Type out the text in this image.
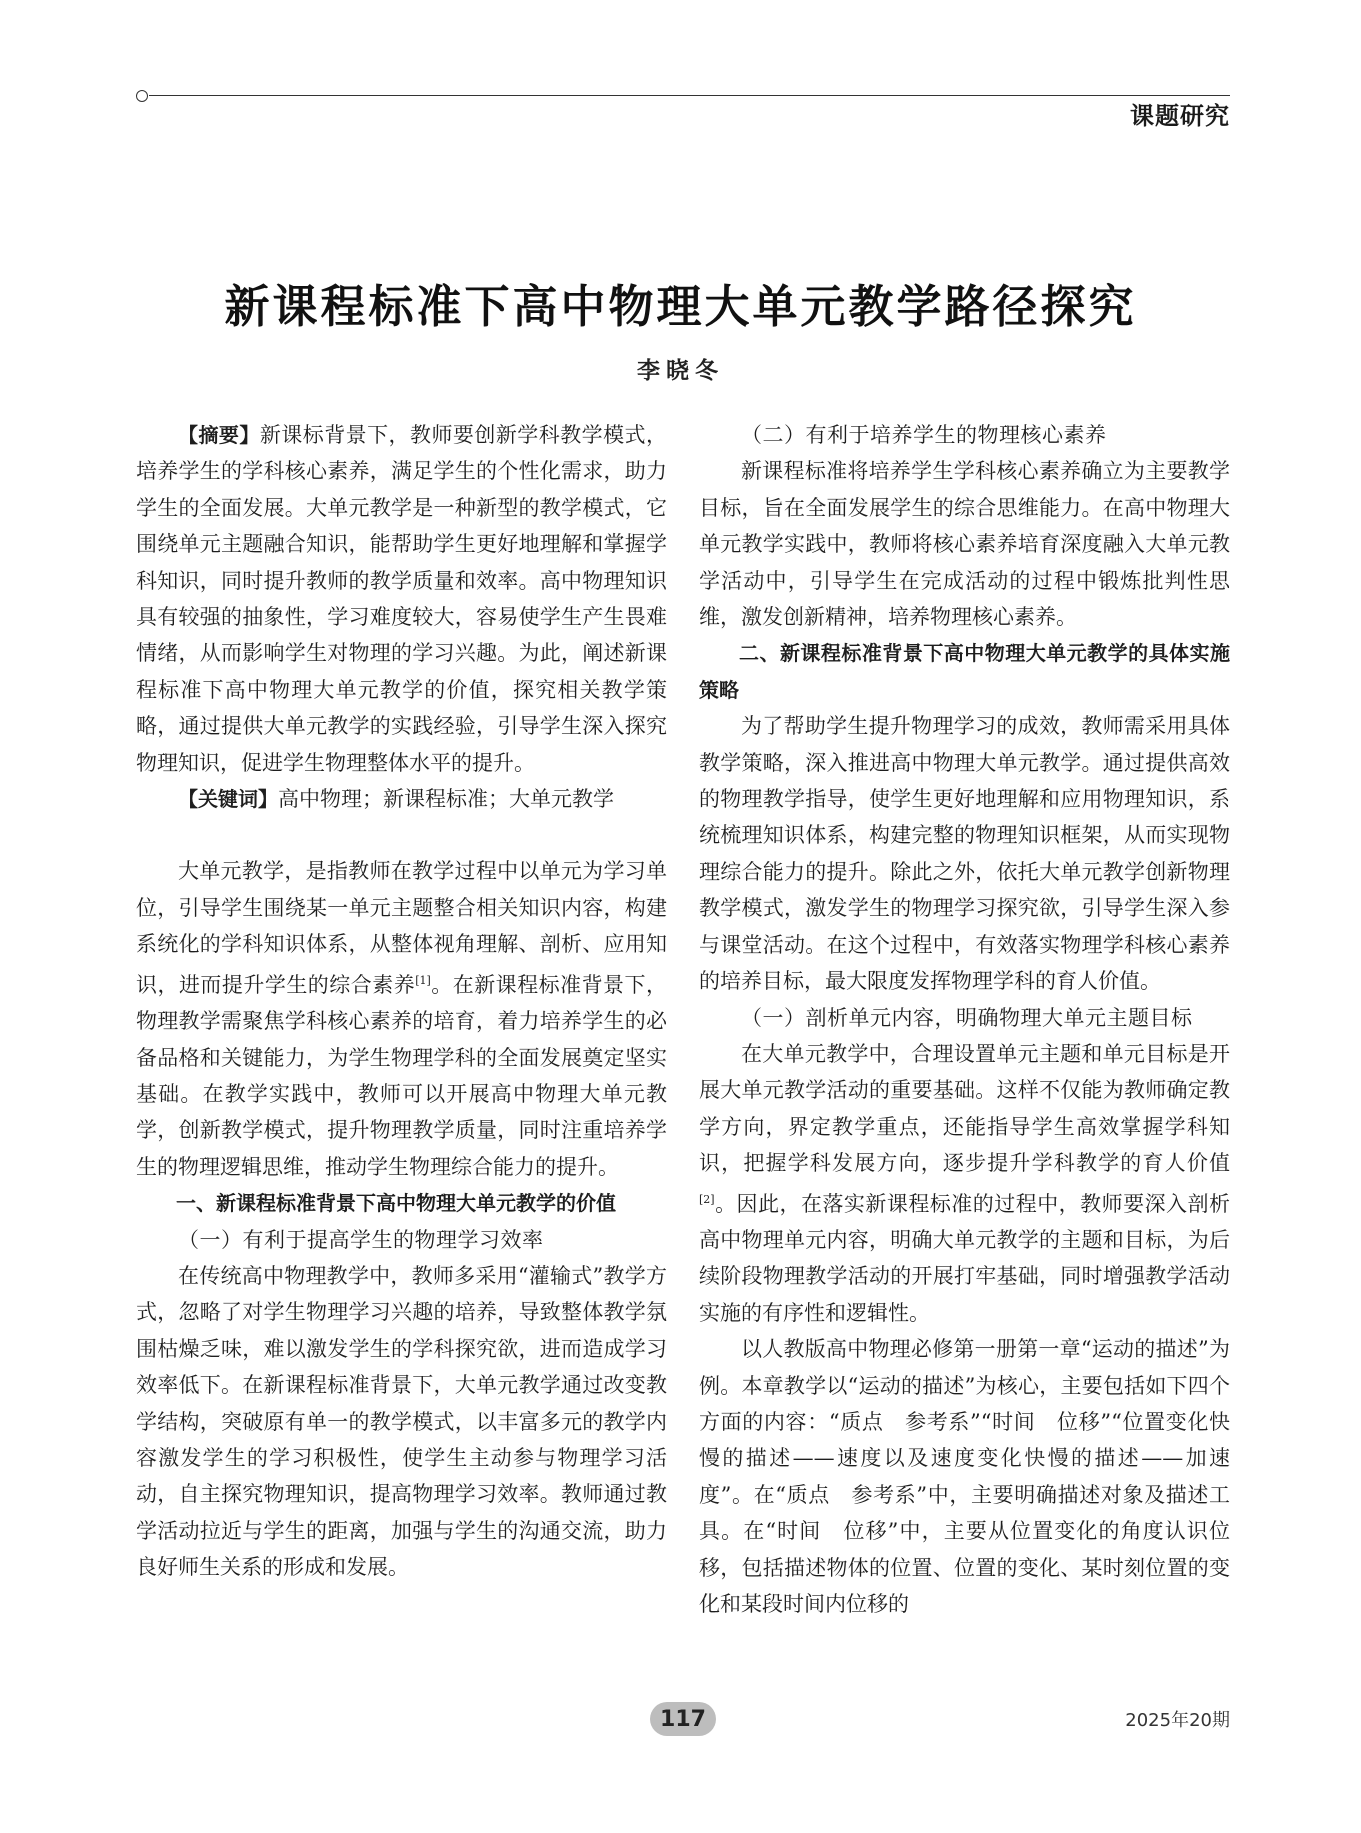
课题研究
新课程标准下高中物理大单元教学路径探究
李晓冬

【摘要】新课标背景下，教师要创新学科教学模式，培养学生的学科核心素养，满足学生的个性化需求，助力学生的全面发展。大单元教学是一种新型的教学模式，它围绕单元主题融合知识，能帮助学生更好地理解和掌握学科知识，同时提升教师的教学质量和效率。高中物理知识具有较强的抽象性，学习难度较大，容易使学生产生畏难情绪，从而影响学生对物理的学习兴趣。为此，阐述新课程标准下高中物理大单元教学的价值，探究相关教学策略，通过提供大单元教学的实践经验，引导学生深入探究物理知识，促进学生物理整体水平的提升。

【关键词】高中物理；新课程标准；大单元教学

大单元教学，是指教师在教学过程中以单元为学习单位，引导学生围绕某一单元主题整合相关知识内容，构建系统化的学科知识体系，从整体视角理解、剖析、应用知识，进而提升学生的综合素养[1]。在新课程标准背景下，物理教学需聚焦学科核心素养的培育，着力培养学生的必备品格和关键能力，为学生物理学科的全面发展奠定坚实基础。在教学实践中，教师可以开展高中物理大单元教学，创新教学模式，提升物理教学质量，同时注重培养学生的物理逻辑思维，推动学生物理综合能力的提升。

一、新课程标准背景下高中物理大单元教学的价值

（一）有利于提高学生的物理学习效率

在传统高中物理教学中，教师多采用“灌输式”教学方式，忽略了对学生物理学习兴趣的培养，导致整体教学氛围枯燥乏味，难以激发学生的学科探究欲，进而造成学习效率低下。在新课程标准背景下，大单元教学通过改变教学结构，突破原有单一的教学模式，以丰富多元的教学内容激发学生的学习积极性，使学生主动参与物理学习活动，自主探究物理知识，提高物理学习效率。教师通过教学活动拉近与学生的距离，加强与学生的沟通交流，助力良好师生关系的形成和发展。

（二）有利于培养学生的物理核心素养

新课程标准将培养学生学科核心素养确立为主要教学目标，旨在全面发展学生的综合思维能力。在高中物理大单元教学实践中，教师将核心素养培育深度融入大单元教学活动中，引导学生在完成活动的过程中锻炼批判性思维，激发创新精神，培养物理核心素养。

二、新课程标准背景下高中物理大单元教学的具体实施策略

为了帮助学生提升物理学习的成效，教师需采用具体教学策略，深入推进高中物理大单元教学。通过提供高效的物理教学指导，使学生更好地理解和应用物理知识，系统梳理知识体系，构建完整的物理知识框架，从而实现物理综合能力的提升。除此之外，依托大单元教学创新物理教学模式，激发学生的物理学习探究欲，引导学生深入参与课堂活动。在这个过程中，有效落实物理学科核心素养的培养目标，最大限度发挥物理学科的育人价值。

（一）剖析单元内容，明确物理大单元主题目标

在大单元教学中，合理设置单元主题和单元目标是开展大单元教学活动的重要基础。这样不仅能为教师确定教学方向，界定教学重点，还能指导学生高效掌握学科知识，把握学科发展方向，逐步提升学科教学的育人价值[2]。因此，在落实新课程标准的过程中，教师要深入剖析高中物理单元内容，明确大单元教学的主题和目标，为后续阶段物理教学活动的开展打牢基础，同时增强教学活动实施的有序性和逻辑性。

以人教版高中物理必修第一册第一章“运动的描述”为例。本章教学以“运动的描述”为核心，主要包括如下四个方面的内容：“质点　参考系”“时间　位移”“位置变化快慢的描述——速度以及速度变化快慢的描述——加速度”。在“质点　参考系”中，主要明确描述对象及描述工具。在“时间　位移”中，主要从位置变化的角度认识位移，包括描述物体的位置、位置的变化、某时刻位置的变化和某段时间内位移的

117	2025年20期
